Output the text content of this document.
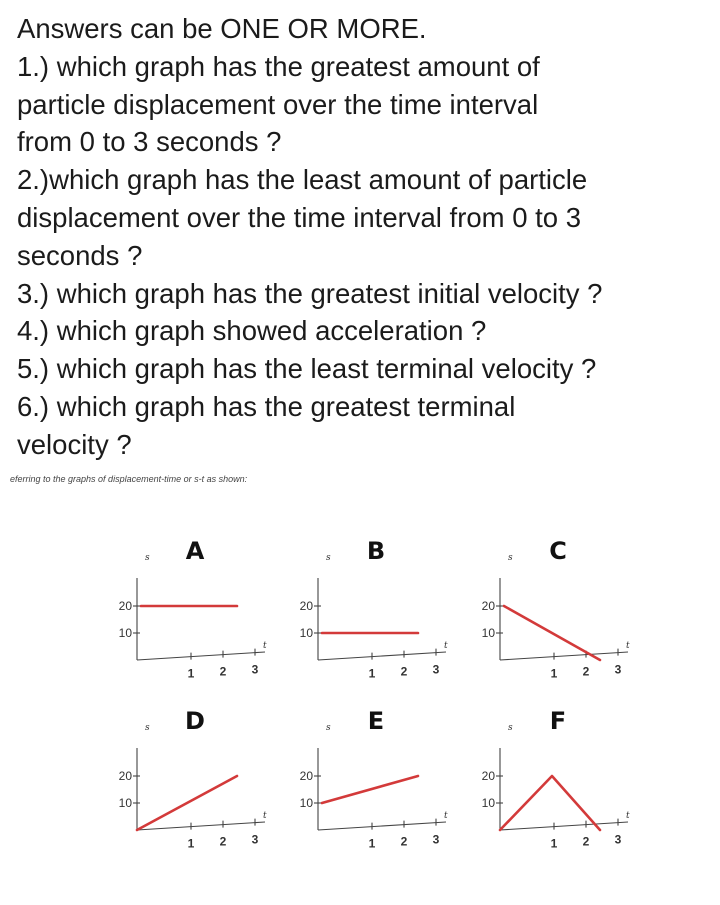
Answers can be ONE OR MORE.
1.) which graph has the greatest amount of
particle displacement over the time interval
from 0 to 3 seconds ?
2.)which graph has the least amount of particle
displacement over the time interval from 0 to 3
seconds ?
3.) which graph has the greatest initial velocity ?
4.) which graph showed acceleration ?
5.) which graph has the least terminal velocity ?
6.) which graph has the greatest terminal
velocity ?
eferring to the graphs of displacement-time or s-t as shown:
s
t
A
10
20
1 2 3
s
t
B
10
20
1 2 3
s
t
C
10
20
1 2 3
s
t
D
10
20
1 2 3
s
t
E
10
20
1 2 3
s
t
F
10
20
1 2 3
